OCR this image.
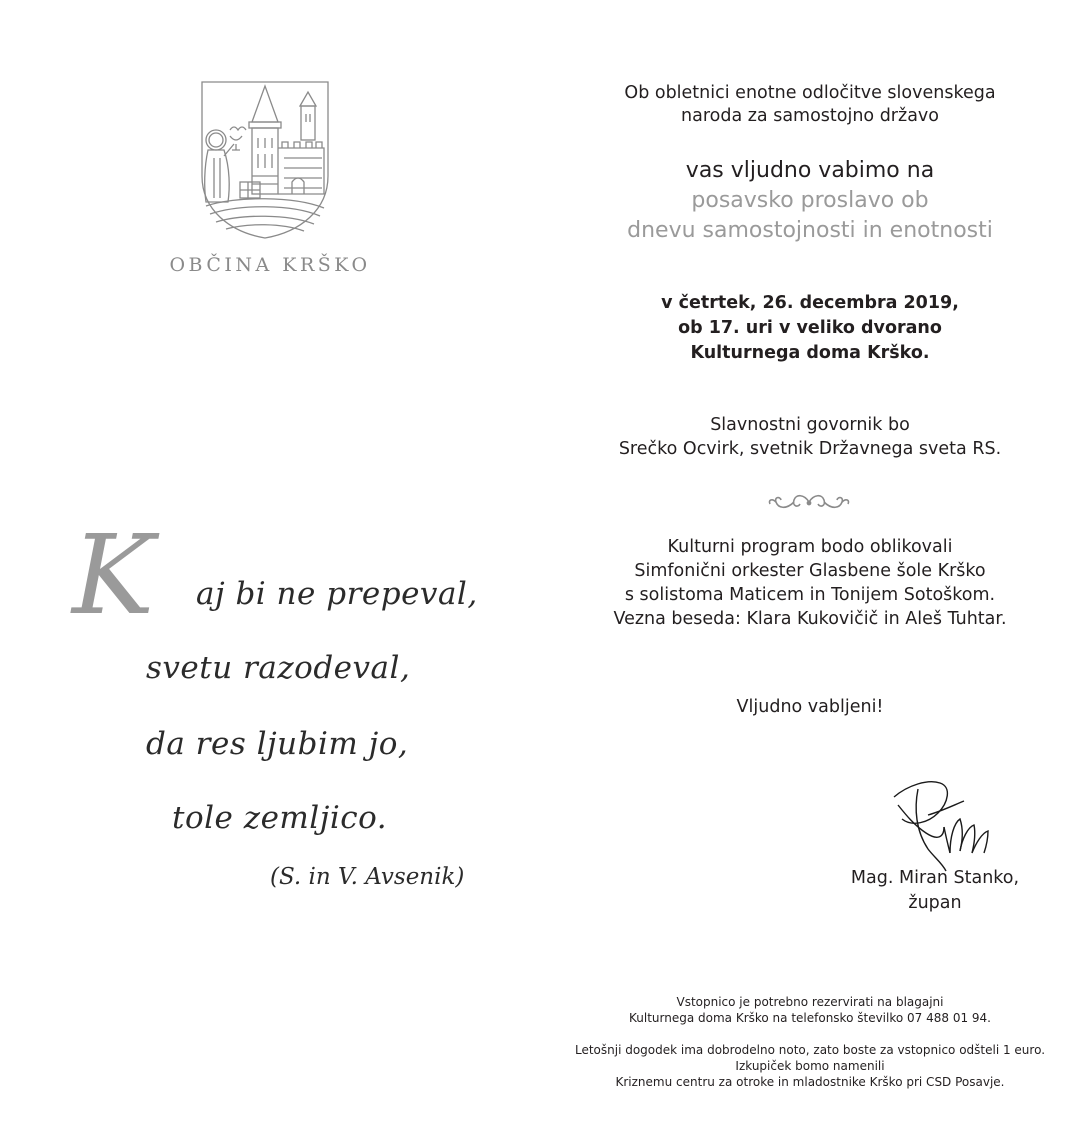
OBČINA KRŠKO
Ob obletnici enotne odločitve slovenskega
naroda za samostojno državo
vas vljudno vabimo na
posavsko proslavo ob
dnevu samostojnosti in enotnosti
v četrtek, 26. decembra 2019,
ob 17. uri v veliko dvorano
Kulturnega doma Krško.
Slavnostni govornik bo
Srečko Ocvirk, svetnik Državnega sveta RS.
Kulturni program bodo oblikovali
Simfonični orkester Glasbene šole Krško
s solistoma Maticem in Tonijem Sotoškom.
Vezna beseda: Klara Kukovičič in Aleš Tuhtar.
Vljudno vabljeni!
Mag. Miran Stanko,
župan
Vstopnico je potrebno rezervirati na blagajni
Kulturnega doma Krško na telefonsko številko 07 488 01 94.
Letošnji dogodek ima dobrodelno noto, zato boste za vstopnico odšteli 1 euro.
Izkupiček bomo namenili
Kriznemu centru za otroke in mladostnike Krško pri CSD Posavje.
K aj bi ne prepeval,
svetu razodeval,
da res ljubim jo,
tole zemljico.
(S. in V. Avsenik)
